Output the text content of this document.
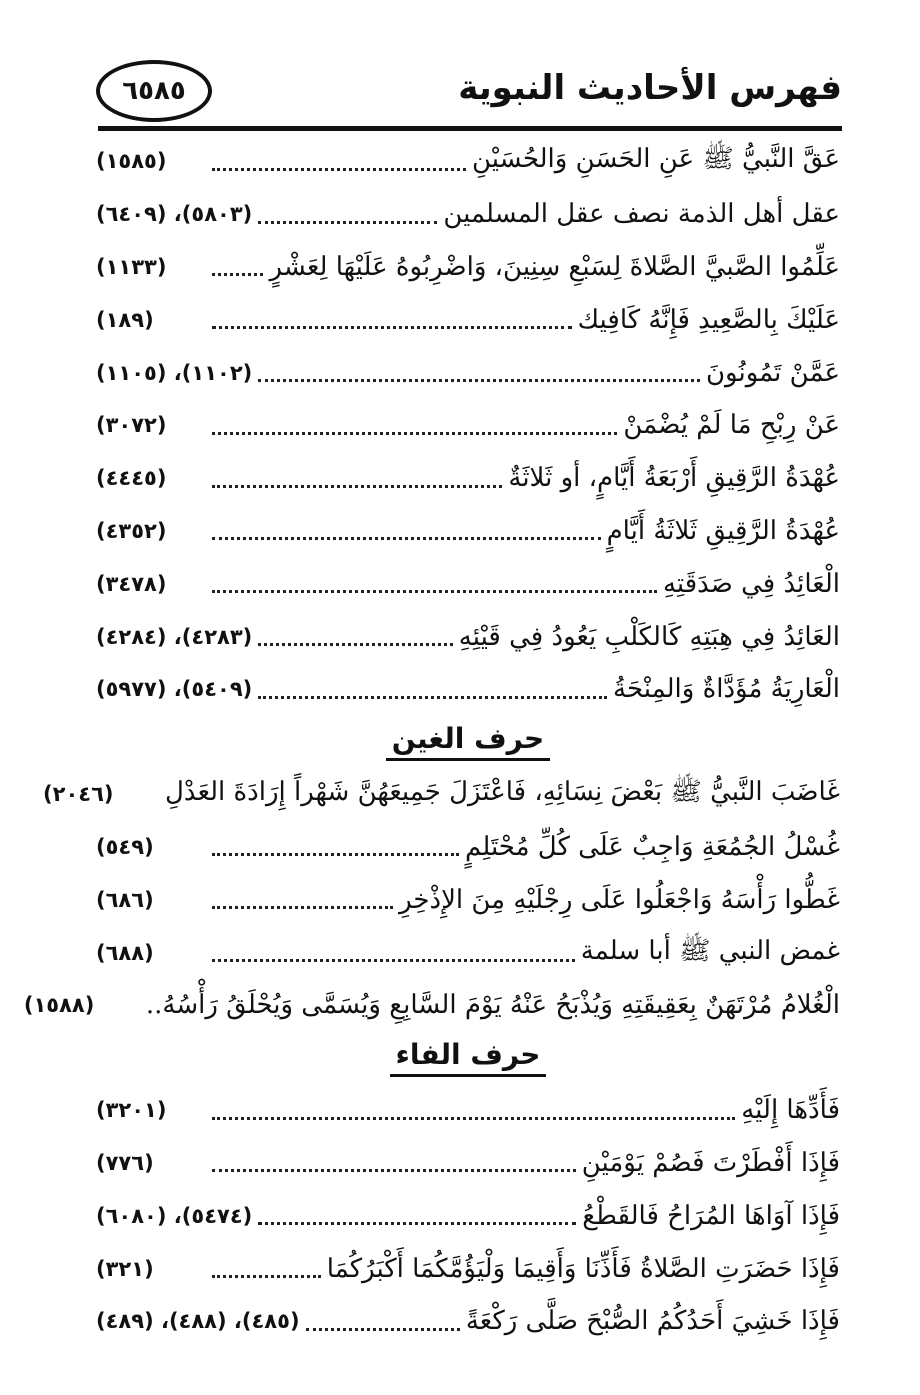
٦٥٨٥	فهرس الأحاديث النبوية
عَقَّ النَّبيُّ ﷺ عَنِ الحَسَنِ وَالحُسَيْنِ
(١٥٨٥)
عقل أهل الذمة نصف عقل المسلمين
(٥٨٠٣)، (٦٤٠٩)
عَلِّمُوا الصَّبيَّ الصَّلاةَ لِسَبْعِ سِنِينَ، وَاضْرِبُوهُ عَلَيْهَا لِعَشْرٍ
(١١٣٣)
عَلَيْكَ بِالصَّعِيدِ فَإِنَّهُ كَافِيك
(١٨٩)
عَمَّنْ تَمُونُونَ
(١١٠٢)، (١١٠٥)
عَنْ رِبْحِ مَا لَمْ يُضْمَنْ
(٣٠٧٢)
عُهْدَةُ الرَّقِيقِ أَرْبَعَةُ أَيَّامٍ، أو ثَلاثَةٌ
(٤٤٤٥)
عُهْدَةُ الرَّقِيقِ ثَلاثَةُ أَيَّامٍ
(٤٣٥٢)
الْعَائِدُ فِي صَدَقَتِهِ
(٣٤٧٨)
العَائِدُ فِي هِبَتِهِ كَالكَلْبِ يَعُودُ فِي قَيْئِهِ
(٤٢٨٣)، (٤٢٨٤)
الْعَارِيَةُ مُؤَدَّاةٌ وَالمِنْحَةُ
(٥٤٠٩)، (٥٩٧٧)
حرف الغين
غَاضَبَ النَّبيُّ ﷺ بَعْضَ نِسَائِهِ، فَاعْتَزَلَ جَمِيعَهُنَّ شَهْراً إِرَادَةَ العَدْلِ
(٢٠٤٦)
غُسْلُ الجُمُعَةِ وَاجِبٌ عَلَى كُلِّ مُحْتَلِمٍ
(٥٤٩)
غَطُّوا رَأْسَهُ وَاجْعَلُوا عَلَى رِجْلَيْهِ مِنَ الإِذْخِرِ
(٦٨٦)
غمض النبي ﷺ أبا سلمة
(٦٨٨)
الْغُلامُ مُرْتَهَنٌ بِعَقِيقَتِهِ وَيُذْبَحُ عَنْهُ يَوْمَ السَّابِعِ وَيُسَمَّى وَيُحْلَقُ رَأْسُهُ..
(١٥٨٨)
حرف الفاء
فَأَدِّهَا إِلَيْهِ
(٣٢٠١)
فَإِذَا أَفْطَرْتَ فَصُمْ يَوْمَيْنِ
(٧٧٦)
فَإِذَا آوَاهَا المُرَاحُ فَالقَطْعُ
(٥٤٧٤)، (٦٠٨٠)
فَإِذَا حَضَرَتِ الصَّلاةُ فَأَذِّنَا وَأَقِيمَا وَلْيَؤُمَّكُمَا أَكْبَرُكُمَا
(٣٢١)
فَإِذَا خَشِيَ أَحَدُكُمُ الصُّبْحَ صَلَّى رَكْعَةً
(٤٨٥)، (٤٨٨)، (٤٨٩)
